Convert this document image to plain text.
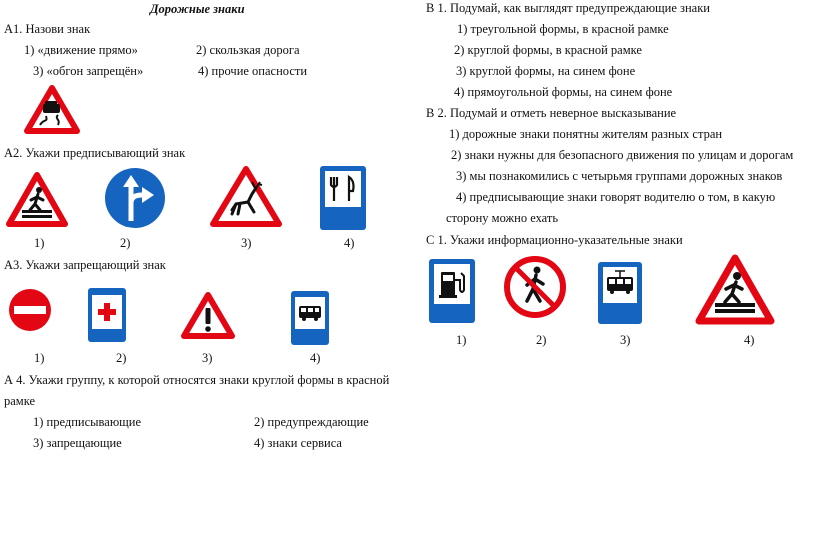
Дорожные знаки
А1. Назови знак
1) «движение прямо»	2) скользкая дорога
3) «обгон запрещён»	4) прочие опасности
А2. Укажи предписывающий знак
1)	2)	3)	4)
А3. Укажи запрещающий знак
1)	2)	3)	4)
А 4. Укажи группу, к которой относятся знаки круглой формы в красной
рамке
1) предписывающие	2) предупреждающие
3) запрещающие	4) знаки сервиса
В 1. Подумай, как выглядят предупреждающие знаки
1) треугольной формы, в красной рамке
2) круглой формы, в красной рамке
3) круглой формы, на синем фоне
4) прямоугольной формы, на синем фоне
В 2. Подумай и отметь неверное высказывание
1) дорожные знаки понятны жителям разных стран
2) знаки нужны для безопасного движения по улицам и дорогам
3) мы познакомились с четырьмя группами дорожных знаков
4) предписывающие знаки говорят водителю о том, в какую
сторону можно ехать
С 1. Укажи информационно-указательные знаки
1)	2)	3)	4)
